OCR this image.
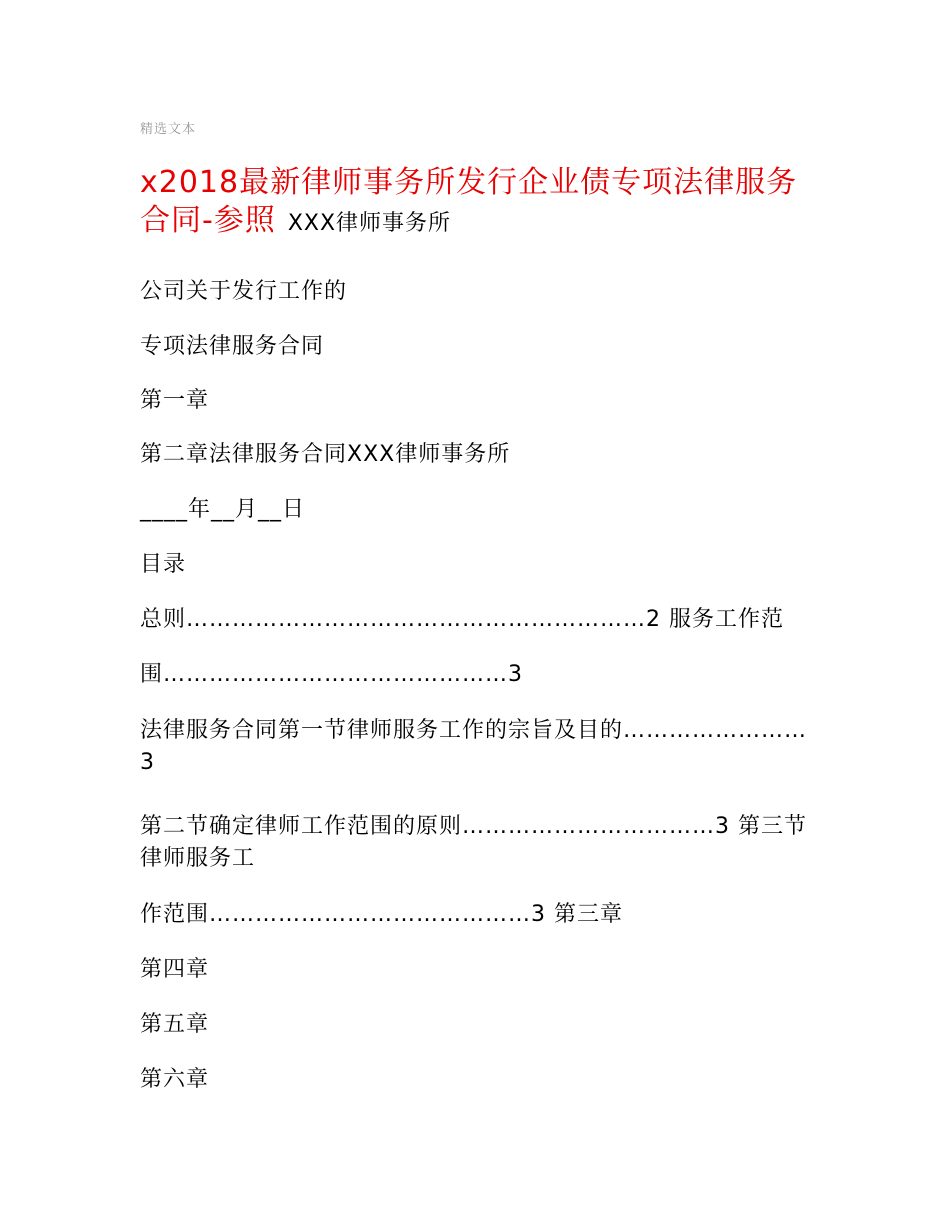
精选文本
x2018最新律师事务所发行企业债专项法律服务合同-参照 XXX律师事务所
公司关于发行工作的
专项法律服务合同
第一章
第二章法律服务合同XXX律师事务所
____年__月__日
目录
总则……………………………………………………2 服务工作范
围………………………………………3
法律服务合同第一节律师服务工作的宗旨及目的……………………3
第二节确定律师工作范围的原则……………………………3 第三节律师服务工
作范围……………………………………3 第三章
第四章
第五章
第六章
